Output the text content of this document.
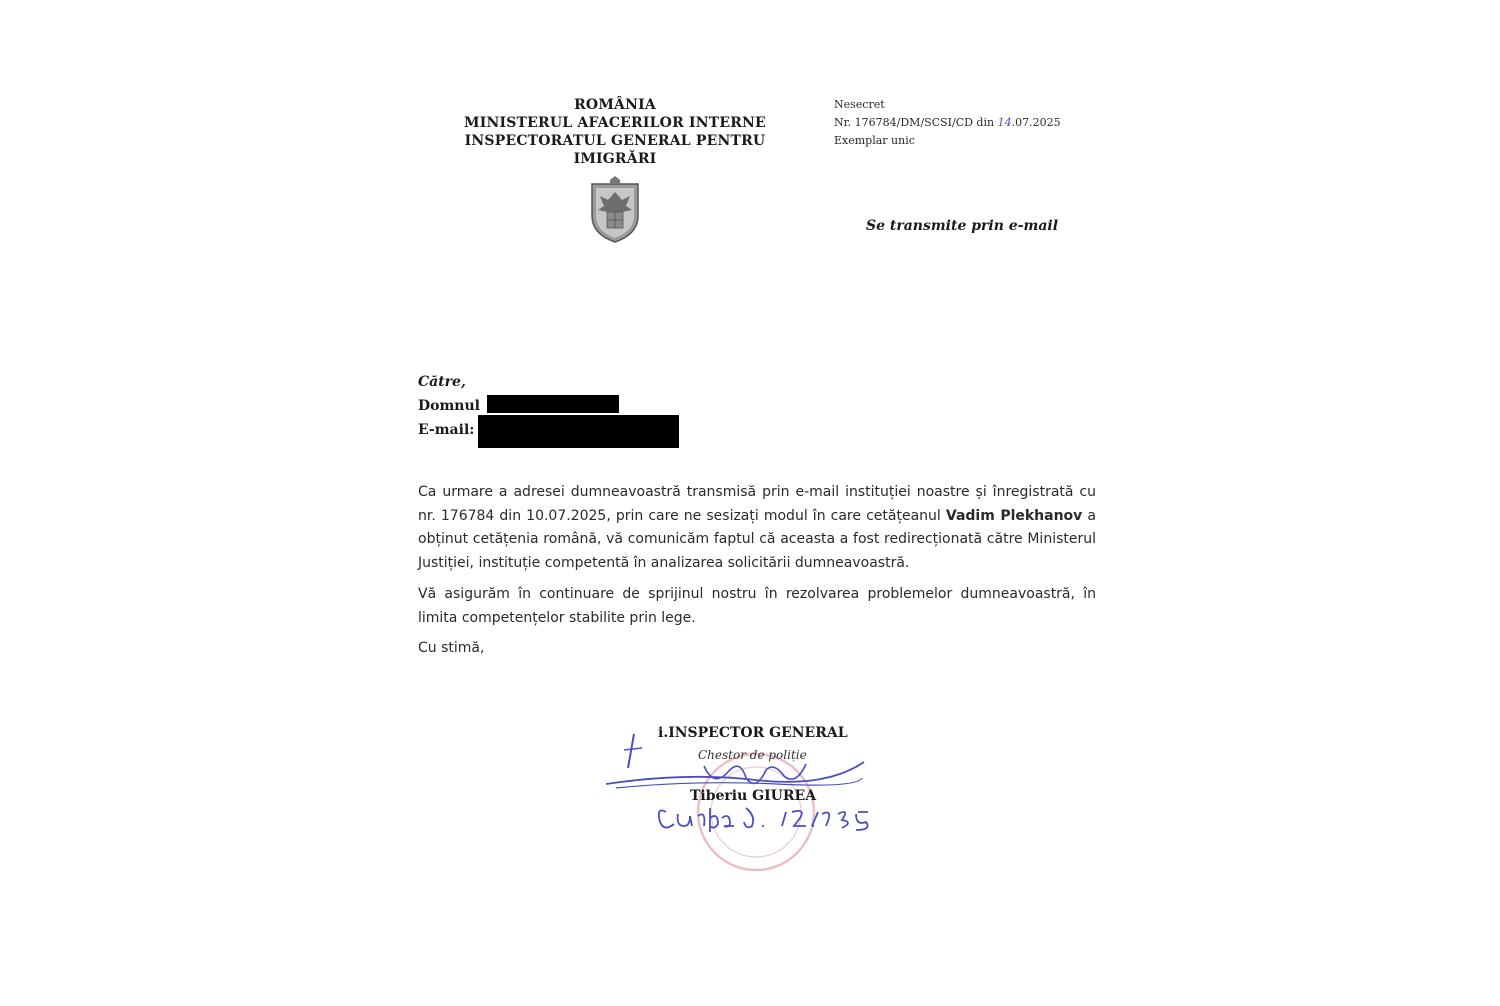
ROMÂNIA
MINISTERUL AFACERILOR INTERNE
INSPECTORATUL GENERAL PENTRU IMIGRĂRI
Nesecret
Nr. 176784/DM/SCSI/CD din 14.07.2025
Exemplar unic
Se transmite prin e-mail
Către,
Domnul
E-mail:

Ca urmare a adresei dumneavoastră transmisă prin e-mail instituției noastre și înregistrată cu nr. 176784 din 10.07.2025, prin care ne sesizați modul în care cetățeanul Vadim Plekhanov a obținut cetățenia română, vă comunicăm faptul că aceasta a fost redirecționată către Ministerul Justiției, instituție competentă în analizarea solicitării dumneavoastră.

Vă asigurăm în continuare de sprijinul nostru în rezolvarea problemelor dumneavoastră, în limita competențelor stabilite prin lege.

Cu stimă,
i.INSPECTOR GENERAL
Chestor de poliție
Tiberiu GIUREA
